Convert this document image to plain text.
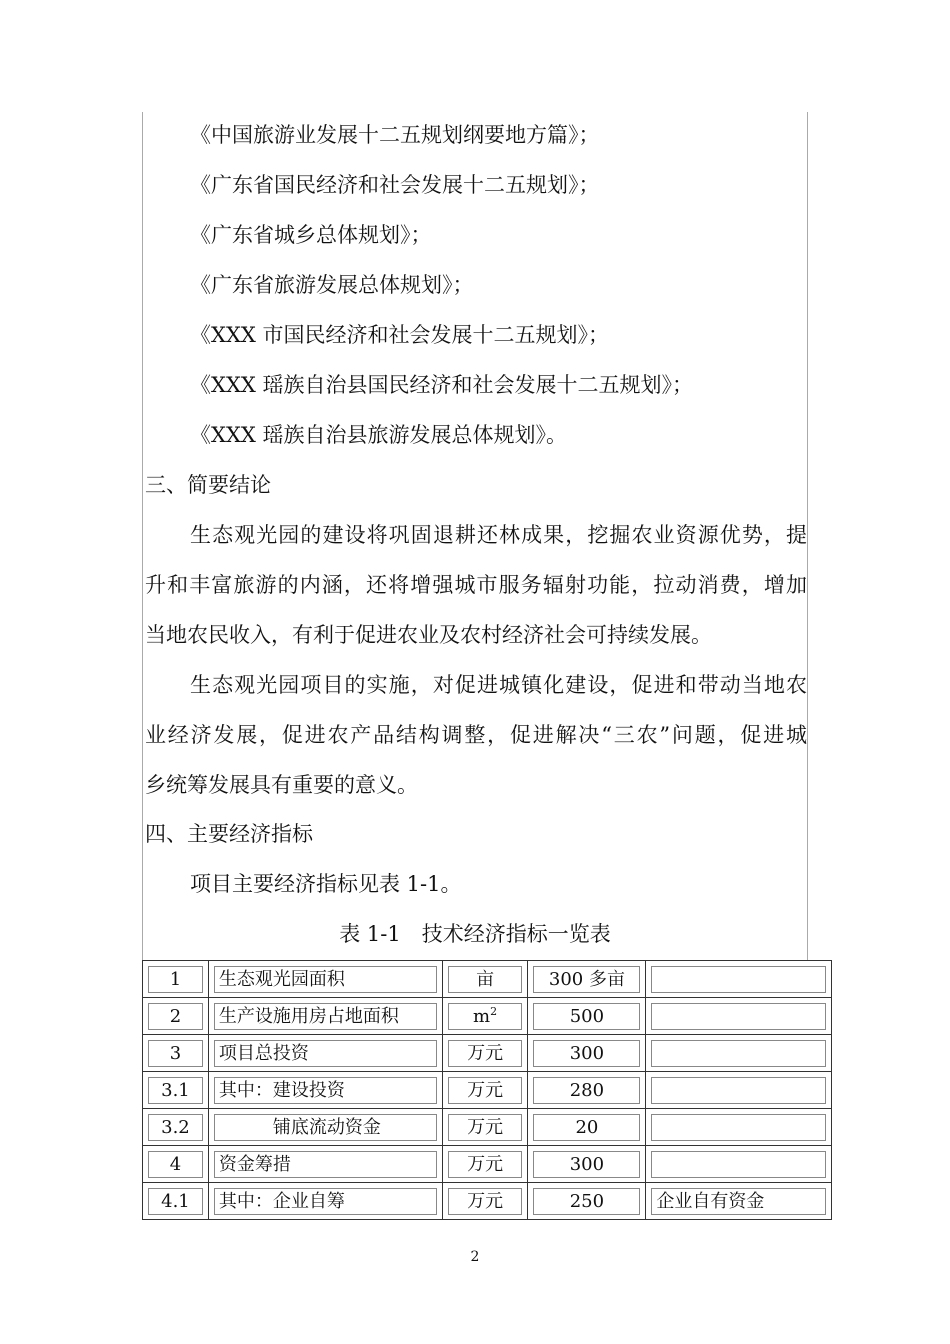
《中国旅游业发展十二五规划纲要地方篇》；
《广东省国民经济和社会发展十二五规划》；
《广东省城乡总体规划》；
《广东省旅游发展总体规划》；
《XXX 市国民经济和社会发展十二五规划》；
《XXX 瑶族自治县国民经济和社会发展十二五规划》；
《XXX 瑶族自治县旅游发展总体规划》。
三、简要结论
生态观光园的建设将巩固退耕还林成果，挖掘农业资源优势，提
升和丰富旅游的内涵，还将增强城市服务辐射功能，拉动消费，增加
当地农民收入，有利于促进农业及农村经济社会可持续发展。
生态观光园项目的实施，对促进城镇化建设，促进和带动当地农
业经济发展，促进农产品结构调整，促进解决“三农”问题，促进城
乡统筹发展具有重要的意义。
四、主要经济指标
项目主要经济指标见表 1-1。
表 1-1　技术经济指标一览表
1	生态观光园面积	亩	300 多亩	

2	生产设施用房占地面积	$m^2$	500	

3	项目总投资	万元	300	

3.1	其中：建设投资	万元	280	

3.2	铺底流动资金	万元	20	

4	资金筹措	万元	300	

4.1	其中：企业自筹	万元	250	企业自有资金
2
